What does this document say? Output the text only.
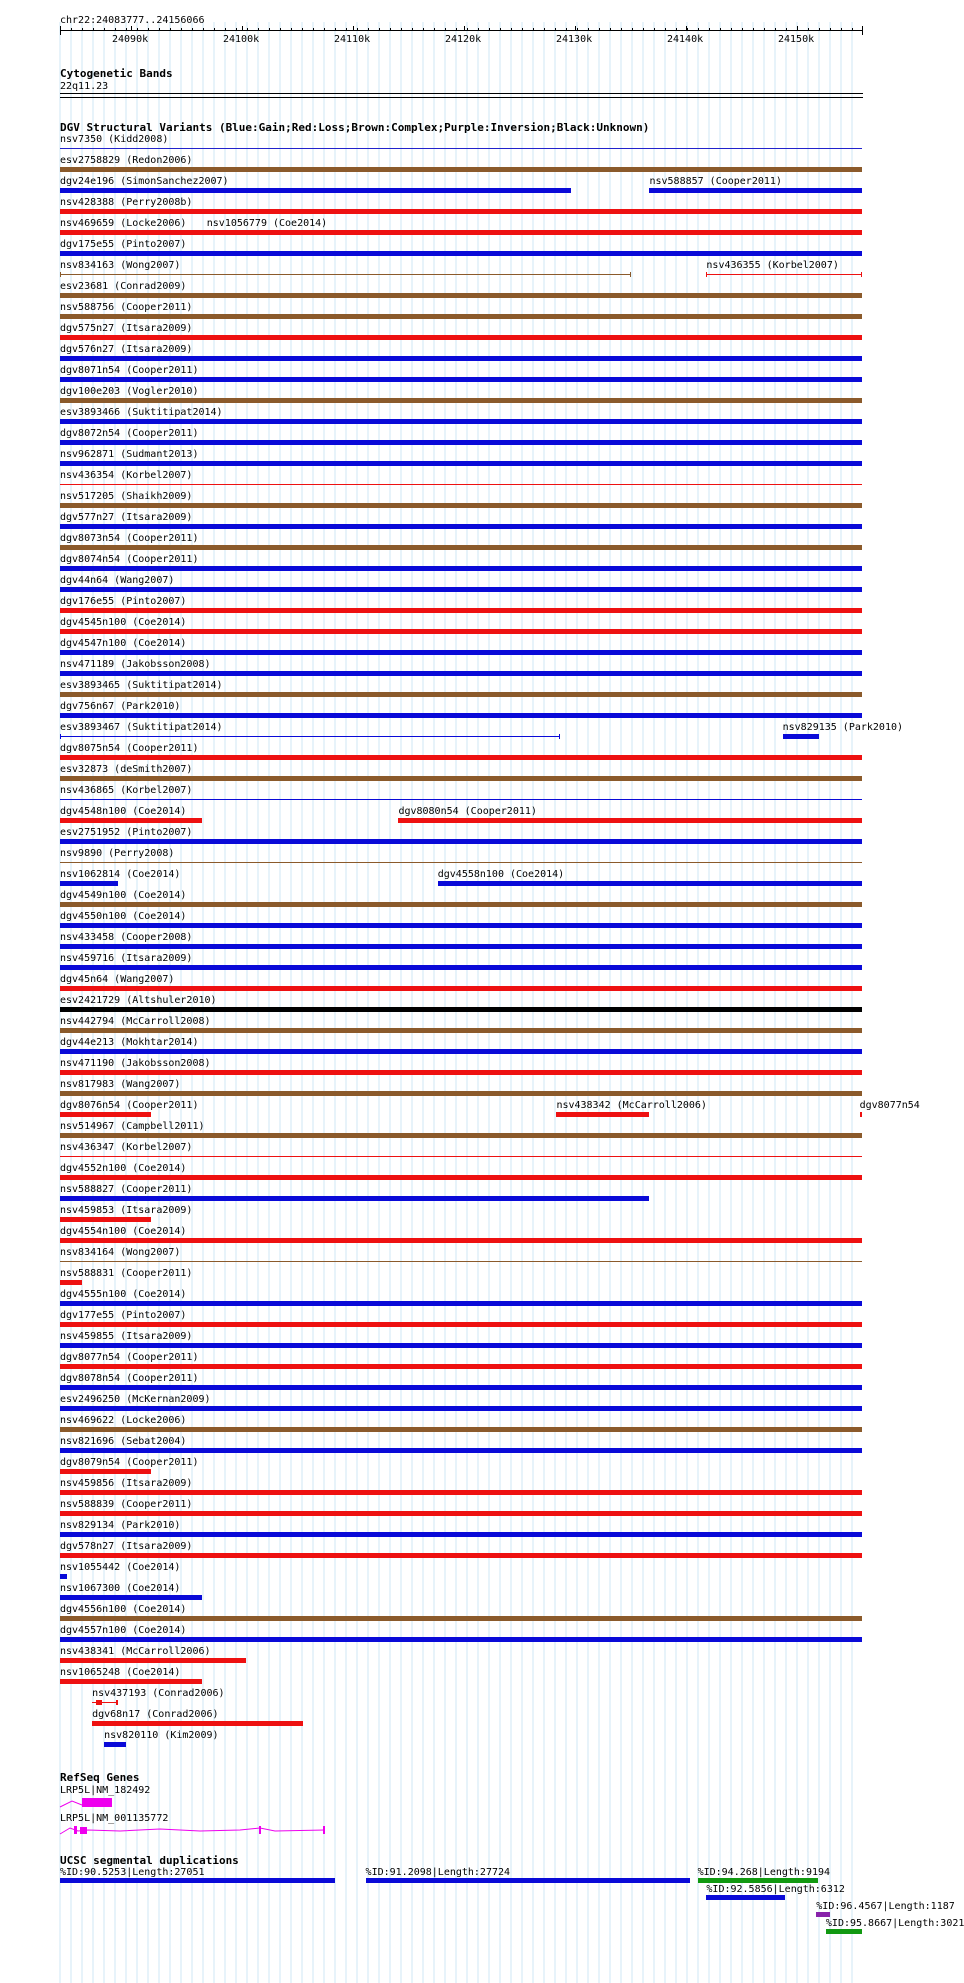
chr22:24083777..24156066
24090k	24100k	24110k	24120k	24130k	24140k	24150k
Cytogenetic Bands
22q11.23
DGV Structural Variants (Blue:Gain;Red:Loss;Brown:Complex;Purple:Inversion;Black:Unknown)
nsv7350 (Kidd2008)
esv2758829 (Redon2006)
dgv24e196 (SimonSanchez2007)	nsv588857 (Cooper2011)
nsv428388 (Perry2008b)
nsv469659 (Locke2006) nsv1056779 (Coe2014)
dgv175e55 (Pinto2007)
nsv834163 (Wong2007)	nsv436355 (Korbel2007)
esv23681 (Conrad2009)
nsv588756 (Cooper2011)
dgv575n27 (Itsara2009)
dgv576n27 (Itsara2009)
dgv8071n54 (Cooper2011)
dgv100e203 (Vogler2010)
esv3893466 (Suktitipat2014)
dgv8072n54 (Cooper2011)
nsv962871 (Sudmant2013)
nsv436354 (Korbel2007)
nsv517205 (Shaikh2009)
dgv577n27 (Itsara2009)
dgv8073n54 (Cooper2011)
dgv8074n54 (Cooper2011)
dgv44n64 (Wang2007)
dgv176e55 (Pinto2007)
dgv4545n100 (Coe2014)
dgv4547n100 (Coe2014)
nsv471189 (Jakobsson2008)
esv3893465 (Suktitipat2014)
dgv756n67 (Park2010)
esv3893467 (Suktitipat2014)	nsv829135 (Park2010)
dgv8075n54 (Cooper2011)
esv32873 (deSmith2007)
nsv436865 (Korbel2007)
dgv4548n100 (Coe2014)	dgv8080n54 (Cooper2011)
esv2751952 (Pinto2007)
nsv9890 (Perry2008)
nsv1062814 (Coe2014)	dgv4558n100 (Coe2014)
dgv4549n100 (Coe2014)
dgv4550n100 (Coe2014)
nsv433458 (Cooper2008)
nsv459716 (Itsara2009)
dgv45n64 (Wang2007)
esv2421729 (Altshuler2010)
nsv442794 (McCarroll2008)
dgv44e213 (Mokhtar2014)
nsv471190 (Jakobsson2008)
nsv817983 (Wang2007)
dgv8076n54 (Cooper2011)	nsv438342 (McCarroll2006)	dgv8077n54
nsv514967 (Campbell2011)
nsv436347 (Korbel2007)
dgv4552n100 (Coe2014)
nsv588827 (Cooper2011)
nsv459853 (Itsara2009)
dgv4554n100 (Coe2014)
nsv834164 (Wong2007)
nsv588831 (Cooper2011)
dgv4555n100 (Coe2014)
dgv177e55 (Pinto2007)
nsv459855 (Itsara2009)
dgv8077n54 (Cooper2011)
dgv8078n54 (Cooper2011)
esv2496250 (McKernan2009)
nsv469622 (Locke2006)
nsv821696 (Sebat2004)
dgv8079n54 (Cooper2011)
nsv459856 (Itsara2009)
nsv588839 (Cooper2011)
nsv829134 (Park2010)
dgv578n27 (Itsara2009)
nsv1055442 (Coe2014)
nsv1067300 (Coe2014)
dgv4556n100 (Coe2014)
dgv4557n100 (Coe2014)
nsv438341 (McCarroll2006)
nsv1065248 (Coe2014)
nsv437193 (Conrad2006)
dgv68n17 (Conrad2006)
nsv820110 (Kim2009)
RefSeq Genes
LRP5L|NM_182492
LRP5L|NM_001135772
UCSC segmental duplications
%ID:90.5253|Length:27051	%ID:91.2098|Length:27724	%ID:94.268|Length:9194
%ID:92.5856|Length:6312
%ID:96.4567|Length:1187
%ID:95.8667|Length:3021
